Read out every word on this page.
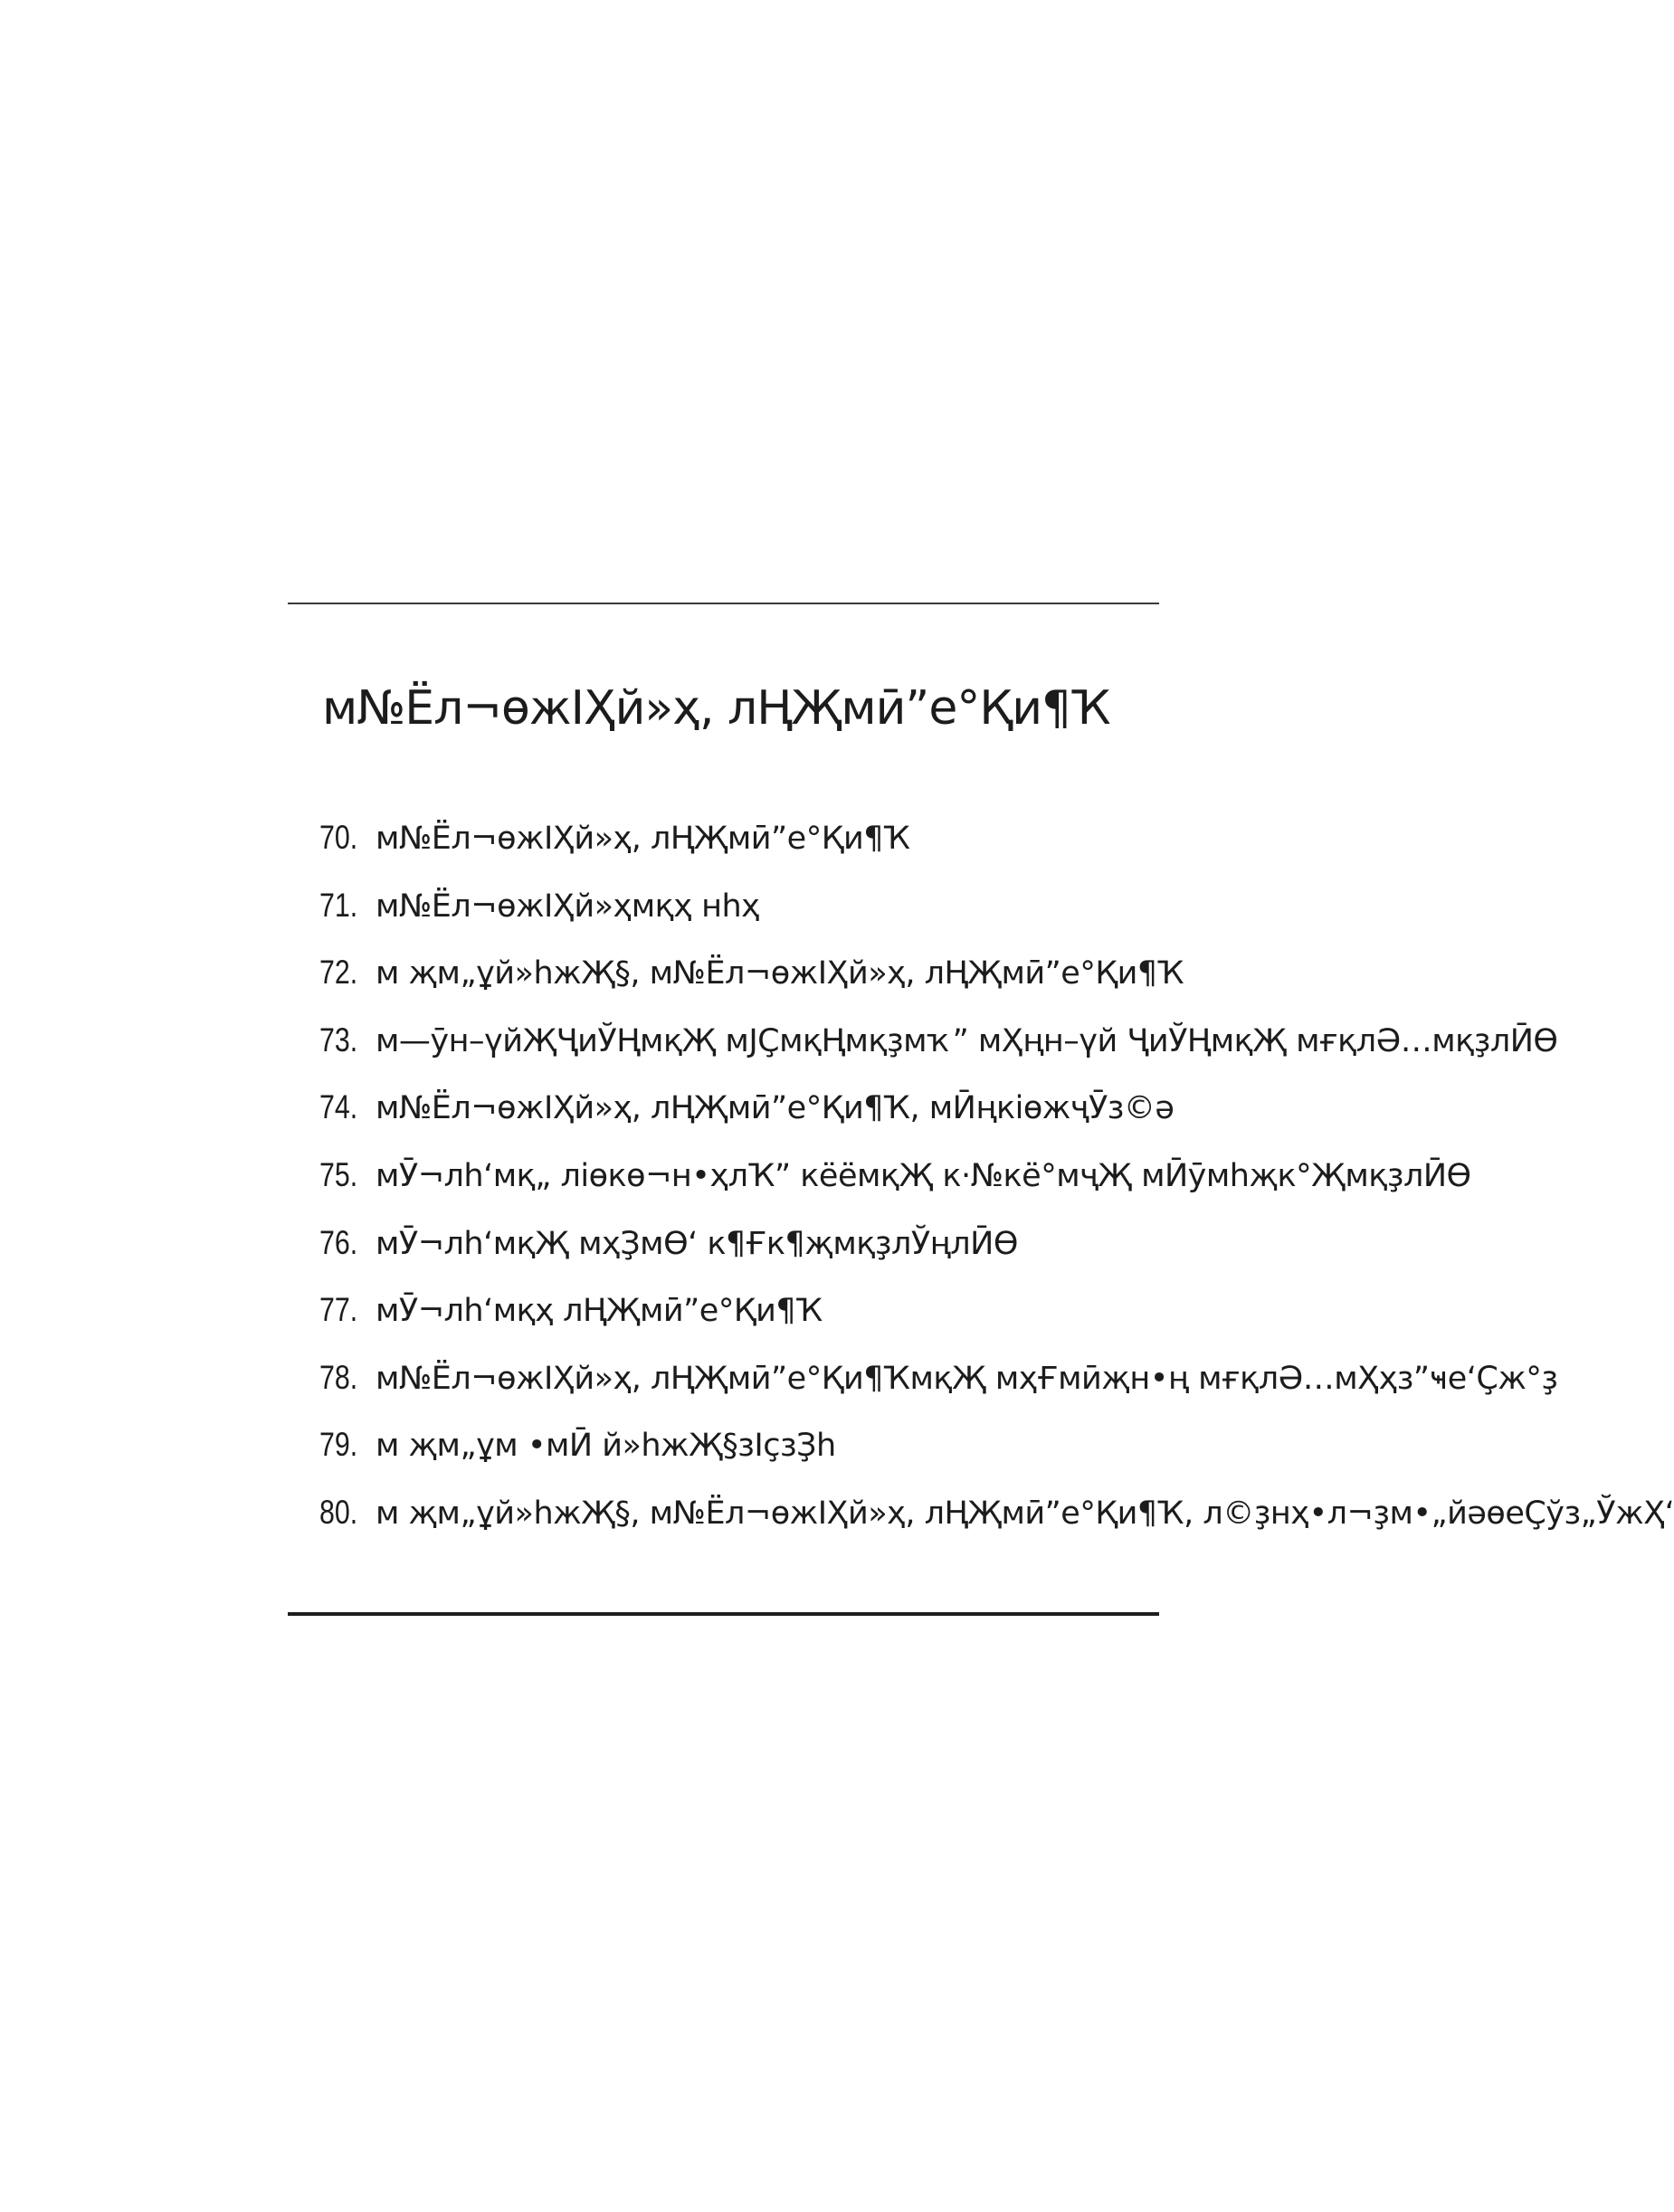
м№Ёл¬өжІҲй»ҳ, лҢҖмӣ”е°Қи¶Ҡ
70. м№Ёл¬өжІҲй»ҳ, лҢҖмӣ”е°Қи¶Ҡ
71. м№Ёл¬өжІҲй»ҳмқҳ нһҳ
72. м җм„ұй»һжҖ§, м№Ёл¬өжІҲй»ҳ, лҢҖмӣ”е°Қи¶Ҡ
73. м—ӯн–үйҖҶиЎҢмқҖ мЈҪмқҢмқҙмҡ” мҲңн–үй ҶиЎҢмқҖ мғқлӘ…мқҙлӢӨ
74. м№Ёл¬өжІҲй»ҳ, лҢҖмӣ”е°Қи¶Ҡ, мӢңкіөжҷӮз©ә
75. мӮ¬лһ‘мқ„ ліөкө¬н•ҳлҠ” кёёмқҖ к·№кё°мҷҖ мӢӯмһҗк°ҖмқҙлӢӨ
76. мӮ¬лһ‘мқҖ мҳҘмӨ‘ к¶Ғк¶җмқҙлЎңлӢӨ
77. мӮ¬лһ‘мқҳ лҢҖмӣ”е°Қи¶Ҡ
78. м№Ёл¬өжІҲй»ҳ, лҢҖмӣ”е°Қи¶ҠмқҖ мҳҒмӣҗн•ң мғқлӘ…мҲҳз”ҹе‘Ҫж°ҙ
79. м җм„ұм •мӢ й»һжҖ§зІҫзҘһ
80. м җм„ұй»һжҖ§, м№Ёл¬өжІҲй»ҳ, лҢҖмӣ”е°Қи¶Ҡ, л©ҙнҳ•л¬ҙм•„йәөеҪўз„ЎжҲ‘
